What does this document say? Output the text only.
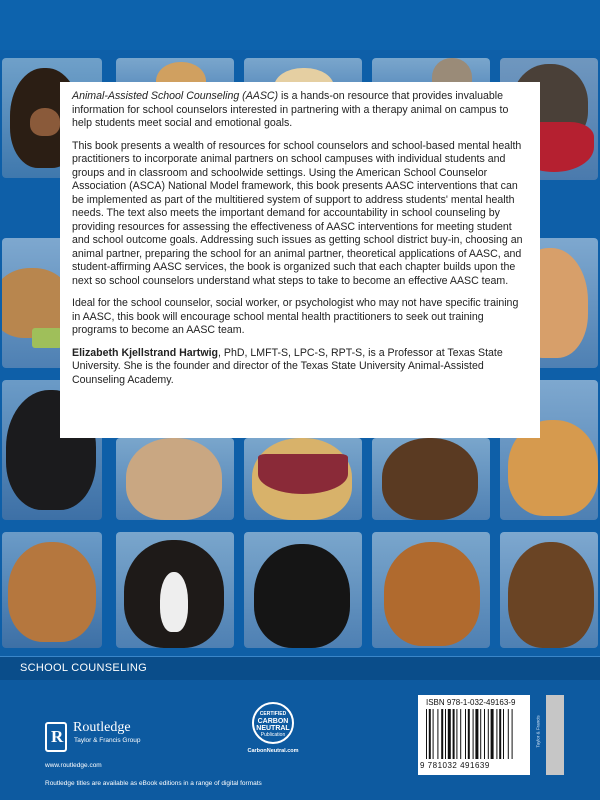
Animal-Assisted School Counseling (AASC) is a hands-on resource that provides invaluable information for school counselors interested in partnering with a therapy animal on campus to help students meet social and emotional goals.

This book presents a wealth of resources for school counselors and school-based mental health practitioners to incorporate animal partners on school campuses with individual students and groups and in classroom and schoolwide settings. Using the American School Counselor Association (ASCA) National Model framework, this book presents AASC interventions that can be implemented as part of the multitiered system of support to address students' mental health needs. The text also meets the important demand for accountability in school counseling by providing resources for assessing the effectiveness of AASC interventions for meeting student and school outcome goals. Addressing such issues as getting school district buy-in, choosing an animal partner, preparing the school for an animal partner, theoretical applications of AASC, and student-affirming AASC services, the book is organized such that each chapter builds upon the next so school counselors understand what steps to take to become an effective AASC team.

Ideal for the school counselor, social worker, or psychologist who may not have specific training in AASC, this book will encourage school mental health practitioners to seek out training programs to become an AASC team.

Elizabeth Kjellstrand Hartwig, PhD, LMFT-S, LPC-S, RPT-S, is a Professor at Texas State University. She is the founder and director of the Texas State University Animal-Assisted Counseling Academy.

SCHOOL COUNSELING
R
Routledge
Taylor & Francis Group
www.routledge.com
Routledge titles are available as eBook editions in a range of digital formats
CERTIFIED
CARBON
NEUTRAL
Publication
CarbonNeutral.com
ISBN 978-1-032-49163-9
9 781032 491639
Taylor & Francis
